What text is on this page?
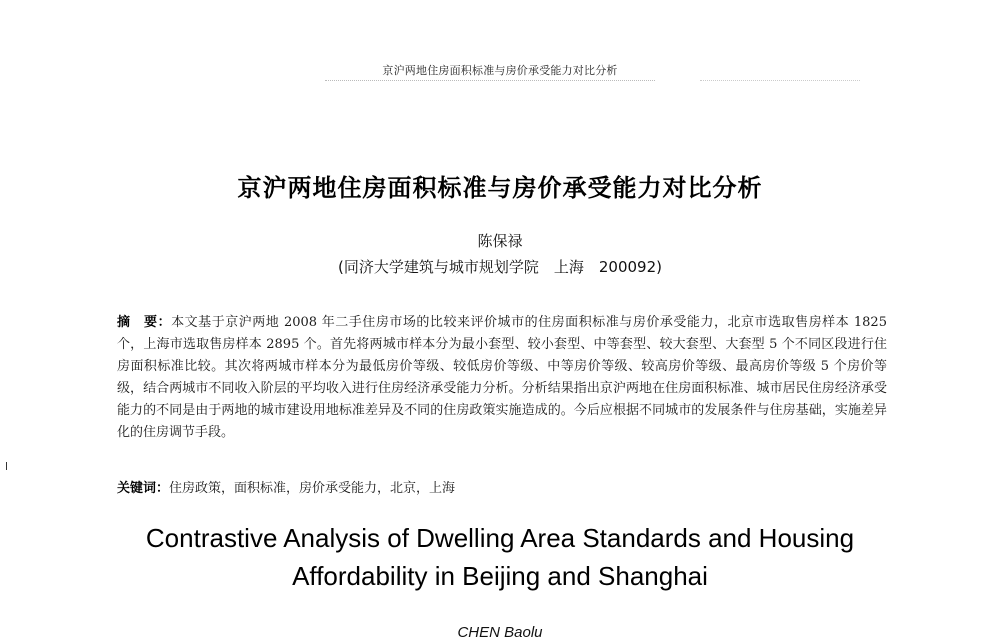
京沪两地住房面积标准与房价承受能力对比分析
京沪两地住房面积标准与房价承受能力对比分析
陈保禄
(同济大学建筑与城市规划学院　上海　200092)
摘　要：本文基于京沪两地 2008 年二手住房市场的比较来评价城市的住房面积标准与房价承受能力，北京市选取售房样本 1825 个，上海市选取售房样本 2895 个。首先将两城市样本分为最小套型、较小套型、中等套型、较大套型、大套型 5 个不同区段进行住房面积标准比较。其次将两城市样本分为最低房价等级、较低房价等级、中等房价等级、较高房价等级、最高房价等级 5 个房价等级，结合两城市不同收入阶层的平均收入进行住房经济承受能力分析。分析结果指出京沪两地在住房面积标准、城市居民住房经济承受能力的不同是由于两地的城市建设用地标准差异及不同的住房政策实施造成的。今后应根据不同城市的发展条件与住房基础，实施差异化的住房调节手段。
关键词：住房政策，面积标准，房价承受能力，北京，上海
Contrastive Analysis of Dwelling Area Standards and Housing
Affordability in Beijing and Shanghai
CHEN Baolu
